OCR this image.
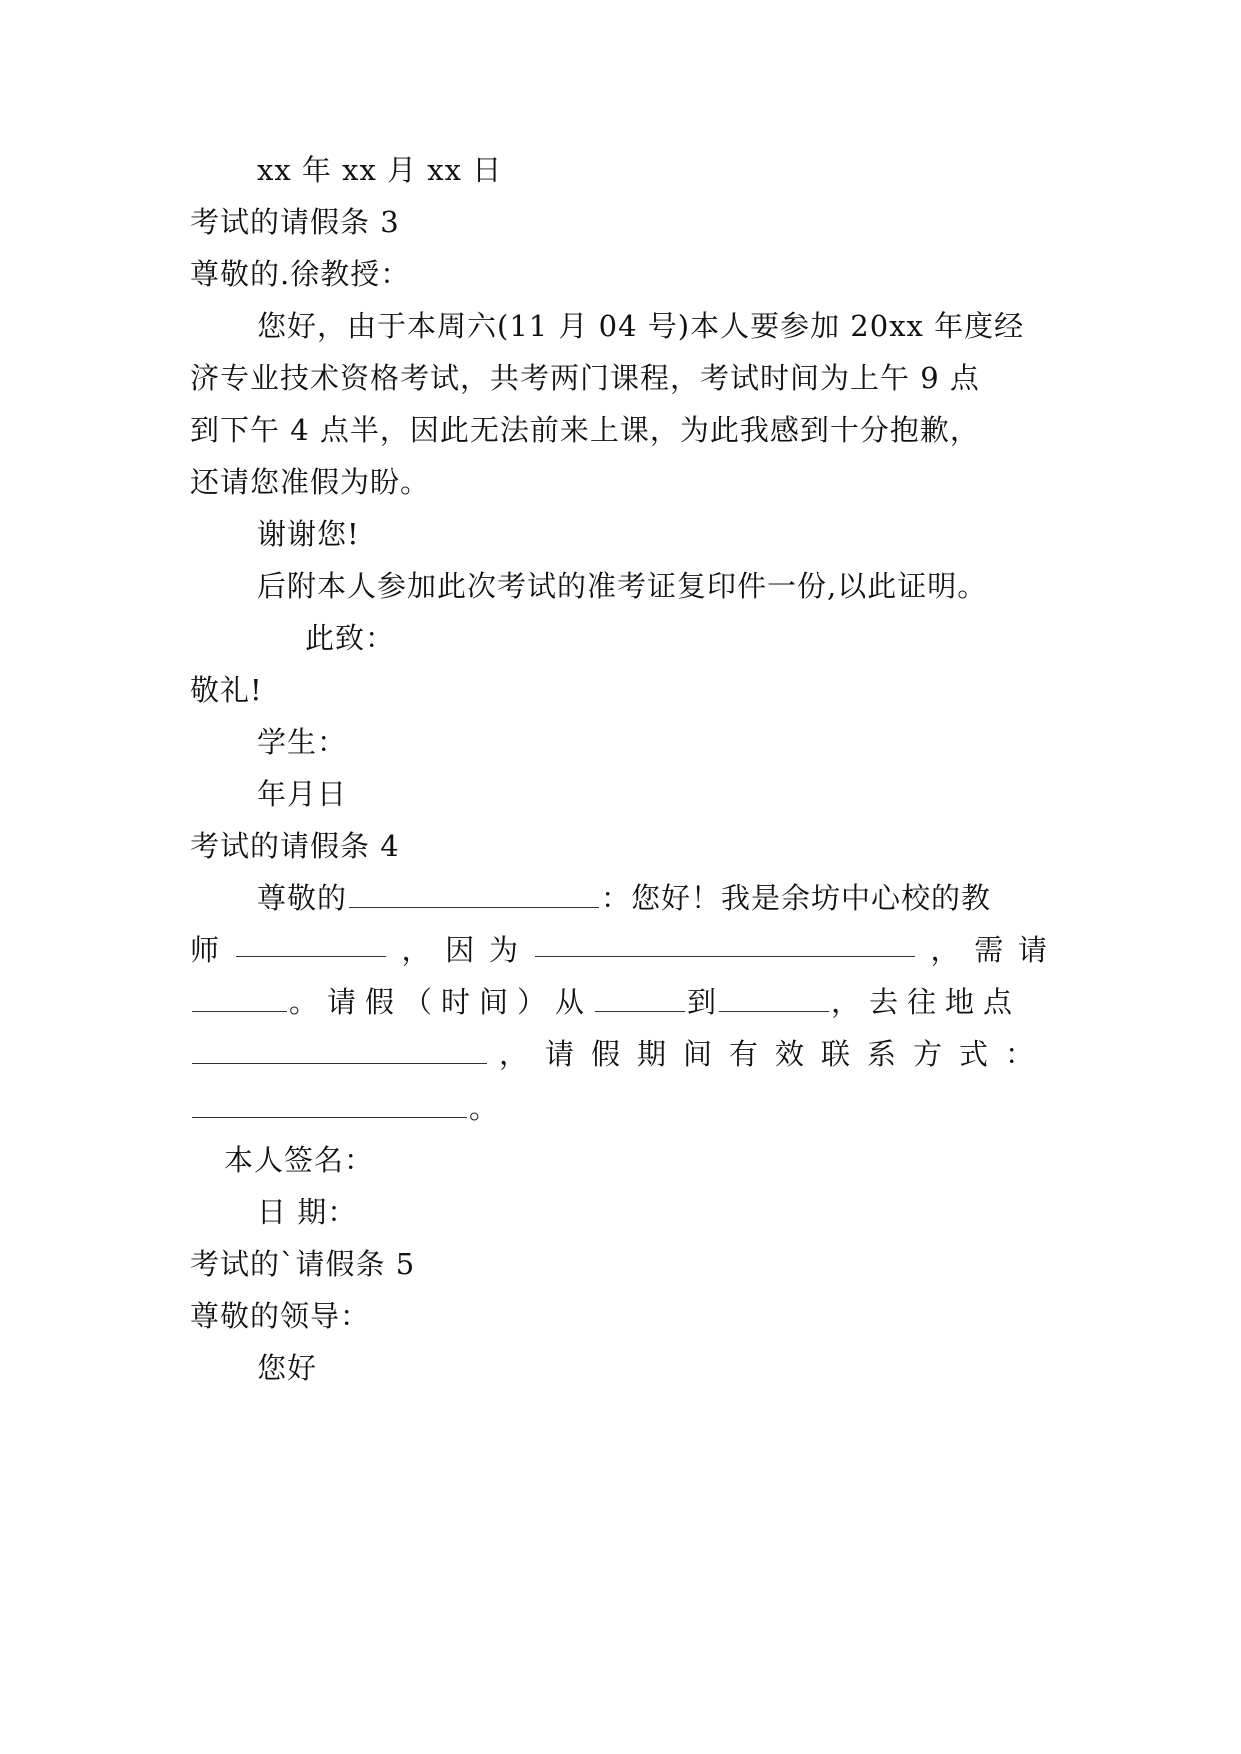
xx 年 xx 月 xx 日
考试的请假条 3
尊敬的.徐教授：
您好，由于本周六(11 月 04 号)本人要参加 20xx 年度经
济专业技术资格考试，共考两门课程，考试时间为上午 9 点
到下午 4 点半，因此无法前来上课，为此我感到十分抱歉，
还请您准假为盼。
谢谢您!
后附本人参加此次考试的准考证复印件一份,以此证明。
此致：
敬礼!
学生：
年月日
考试的请假条 4
尊敬的	：您好！我是余坊中心校的教
师	， 因 为	， 需 请
。请假（时间）从	到	，去往地点
，请假期间有效联系方式：
。
本人签名：
日 期：
考试的`请假条 5
尊敬的领导：
您好
